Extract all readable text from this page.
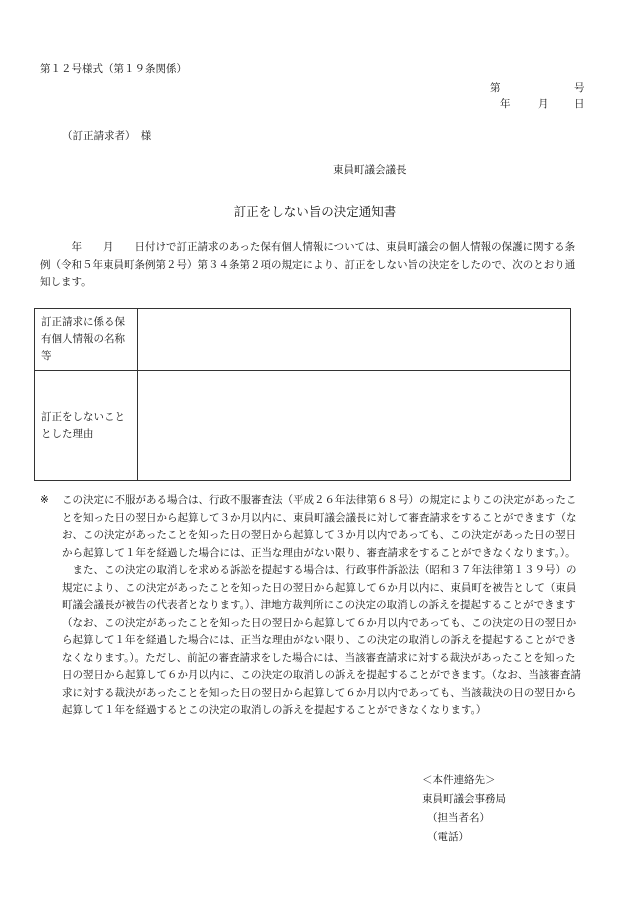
第１２号様式（第１９条関係）
第	号
年	月 日
（訂正請求者）　様
東員町議会議長
訂正をしない旨の決定通知書

　　　年　　月　　日付けで訂正請求のあった保有個人情報については、東員町議会の個人情報の保護に関する条例（令和５年東員町条例第２号）第３４条第２項の規定により、訂正をしない旨の決定をしたので、次のとおり通知します。

訂正請求に係る保有個人情報の名称等	
訂正をしないこととした理由	
※	この決定に不服がある場合は、行政不服審査法（平成２６年法律第６８号）の規定によりこの決定があったことを知った日の翌日から起算して３か月以内に、東員町議会議長に対して審査請求をすることができます（なお、この決定があったことを知った日の翌日から起算して３か月以内であっても、この決定があった日の翌日から起算して１年を経過した場合には、正当な理由がない限り、審査請求をすることができなくなります。）。

　また、この決定の取消しを求める訴訟を提起する場合は、行政事件訴訟法（昭和３７年法律第１３９号）の規定により、この決定があったことを知った日の翌日から起算して６か月以内に、東員町を被告として（東員町議会議長が被告の代表者となります。）、津地方裁判所にこの決定の取消しの訴えを提起することができます（なお、この決定があったことを知った日の翌日から起算して６か月以内であっても、この決定の日の翌日から起算して１年を経過した場合には、正当な理由がない限り、この決定の取消しの訴えを提起することができなくなります。）。ただし、前記の審査請求をした場合には、当該審査請求に対する裁決があったことを知った日の翌日から起算して６か月以内に、この決定の取消しの訴えを提起することができます。（なお、当該審査請求に対する裁決があったことを知った日の翌日から起算して６か月以内であっても、当該裁決の日の翌日から起算して１年を経過するとこの決定の取消しの訴えを提起することができなくなります。）

＜本件連絡先＞
東員町議会事務局
（担当者名）
（電話）
